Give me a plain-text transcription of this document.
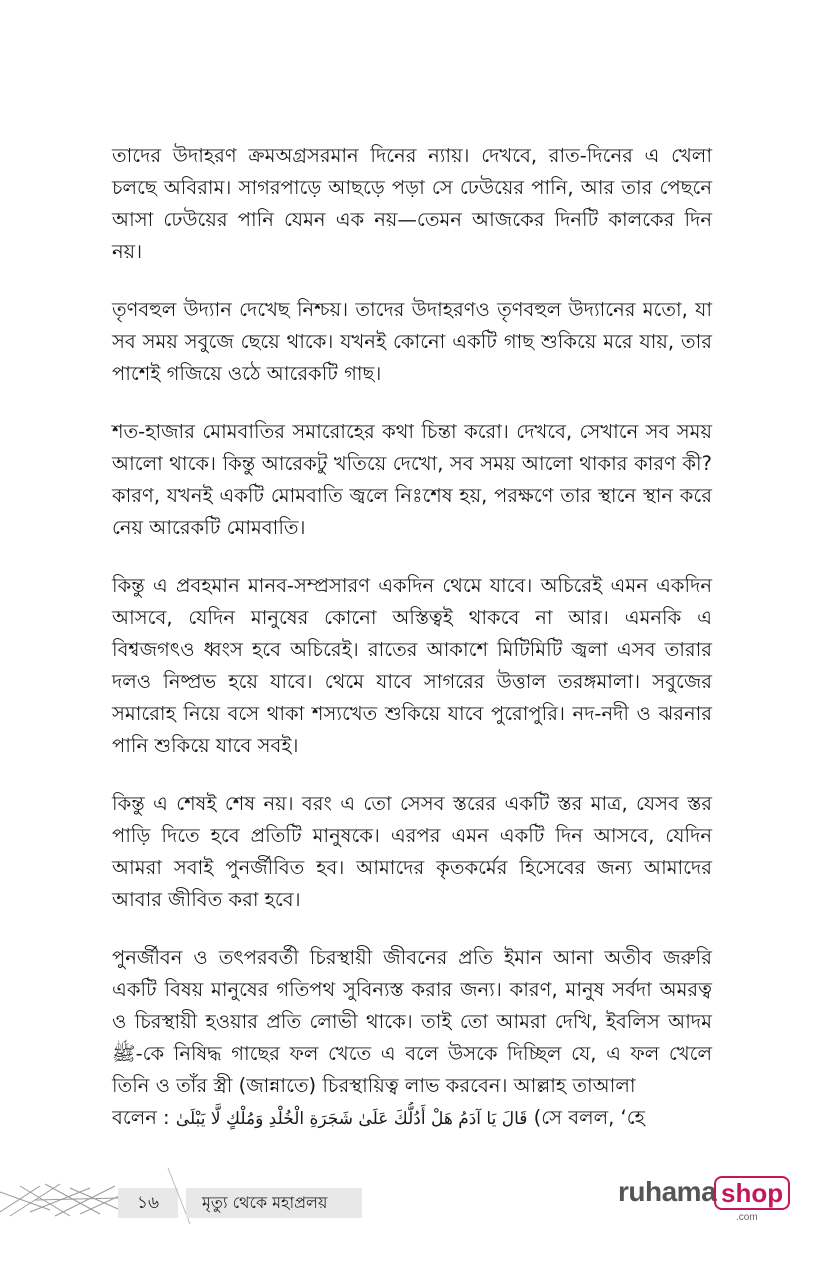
তাদের উদাহরণ ক্রমঅগ্রসরমান দিনের ন্যায়। দেখবে, রাত-দিনের এ খেলা চলছে অবিরাম। সাগরপাড়ে আছড়ে পড়া সে ঢেউয়ের পানি, আর তার পেছনে আসা ঢেউয়ের পানি যেমন এক নয়—তেমন আজকের দিনটি কালকের দিন নয়।

তৃণবহুল উদ্যান দেখেছ নিশ্চয়। তাদের উদাহরণও তৃণবহুল উদ্যানের মতো, যা সব সময় সবুজে ছেয়ে থাকে। যখনই কোনো একটি গাছ শুকিয়ে মরে যায়, তার পাশেই গজিয়ে ওঠে আরেকটি গাছ।

শত-হাজার মোমবাতির সমারোহের কথা চিন্তা করো। দেখবে, সেখানে সব সময় আলো থাকে। কিন্তু আরেকটু খতিয়ে দেখো, সব সময় আলো থাকার কারণ কী? কারণ, যখনই একটি মোমবাতি জ্বলে নিঃশেষ হয়, পরক্ষণে তার স্থানে স্থান করে নেয় আরেকটি মোমবাতি।

কিন্তু এ প্রবহমান মানব-সম্প্রসারণ একদিন থেমে যাবে। অচিরেই এমন একদিন আসবে, যেদিন মানুষের কোনো অস্তিত্বই থাকবে না আর। এমনকি এ বিশ্বজগৎও ধ্বংস হবে অচিরেই। রাতের আকাশে মিটিমিটি জ্বলা এসব তারার দলও নিষ্প্রভ হয়ে যাবে। থেমে যাবে সাগরের উত্তাল তরঙ্গমালা। সবুজের সমারোহ নিয়ে বসে থাকা শস্যখেত শুকিয়ে যাবে পুরোপুরি। নদ-নদী ও ঝরনার পানি শুকিয়ে যাবে সবই।

কিন্তু এ শেষই শেষ নয়। বরং এ তো সেসব স্তরের একটি স্তর মাত্র, যেসব স্তর পাড়ি দিতে হবে প্রতিটি মানুষকে। এরপর এমন একটি দিন আসবে, যেদিন আমরা সবাই পুনর্জীবিত হব। আমাদের কৃতকর্মের হিসেবের জন্য আমাদের আবার জীবিত করা হবে।

পুনর্জীবন ও তৎপরবর্তী চিরস্থায়ী জীবনের প্রতি ইমান আনা অতীব জরুরি একটি বিষয় মানুষের গতিপথ সুবিন্যস্ত করার জন্য। কারণ, মানুষ সর্বদা অমরত্ব ও চিরস্থায়ী হওয়ার প্রতি লোভী থাকে। তাই তো আমরা দেখি, ইবলিস আদম ﷺ-কে নিষিদ্ধ গাছের ফল খেতে এ বলে উসকে দিচ্ছিল যে, এ ফল খেলে তিনি ও তাঁর স্ত্রী (জান্নাতে) চিরস্থায়িত্ব লাভ করবেন। আল্লাহ তাআলা

বলেন : قَالَ يَا آدَمُ هَلْ أَدُلُّكَ عَلَىٰ شَجَرَةِ الْخُلْدِ وَمُلْكٍ لَّا يَبْلَىٰ (সে বলল, ‘হে

১৬	মৃত্যু থেকে মহাপ্রলয়	ruhama shop
.com
